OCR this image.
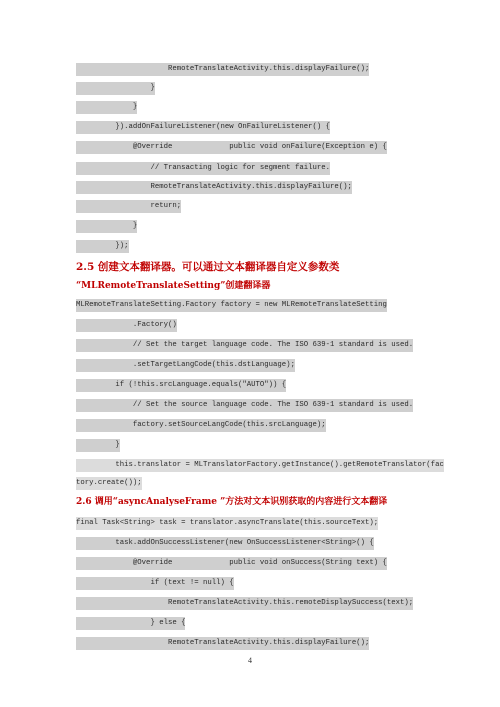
RemoteTranslateActivity.this.displayFailure();
}
}
}).addOnFailureListener(new OnFailureListener() {
@Override             public void onFailure(Exception e) {
// Transacting logic for segment failure.
RemoteTranslateActivity.this.displayFailure();
return;
}
});
2.5 创建文本翻译器。可以通过文本翻译器自定义参数类
“MLRemoteTranslateSetting”创建翻译器
MLRemoteTranslateSetting.Factory factory = new MLRemoteTranslateSetting
.Factory()
// Set the target language code. The ISO 639-1 standard is used.
.setTargetLangCode(this.dstLanguage);
if (!this.srcLanguage.equals("AUTO")) {
// Set the source language code. The ISO 639-1 standard is used.
factory.setSourceLangCode(this.srcLanguage);
}
this.translator = MLTranslatorFactory.getInstance().getRemoteTranslator(fac
tory.create());
2.6 调用“asyncAnalyseFrame ”方法对文本识别获取的内容进行文本翻译
final Task<String> task = translator.asyncTranslate(this.sourceText);
task.addOnSuccessListener(new OnSuccessListener<String>() {
@Override             public void onSuccess(String text) {
if (text != null) {
RemoteTranslateActivity.this.remoteDisplaySuccess(text);
} else {
RemoteTranslateActivity.this.displayFailure();
4
